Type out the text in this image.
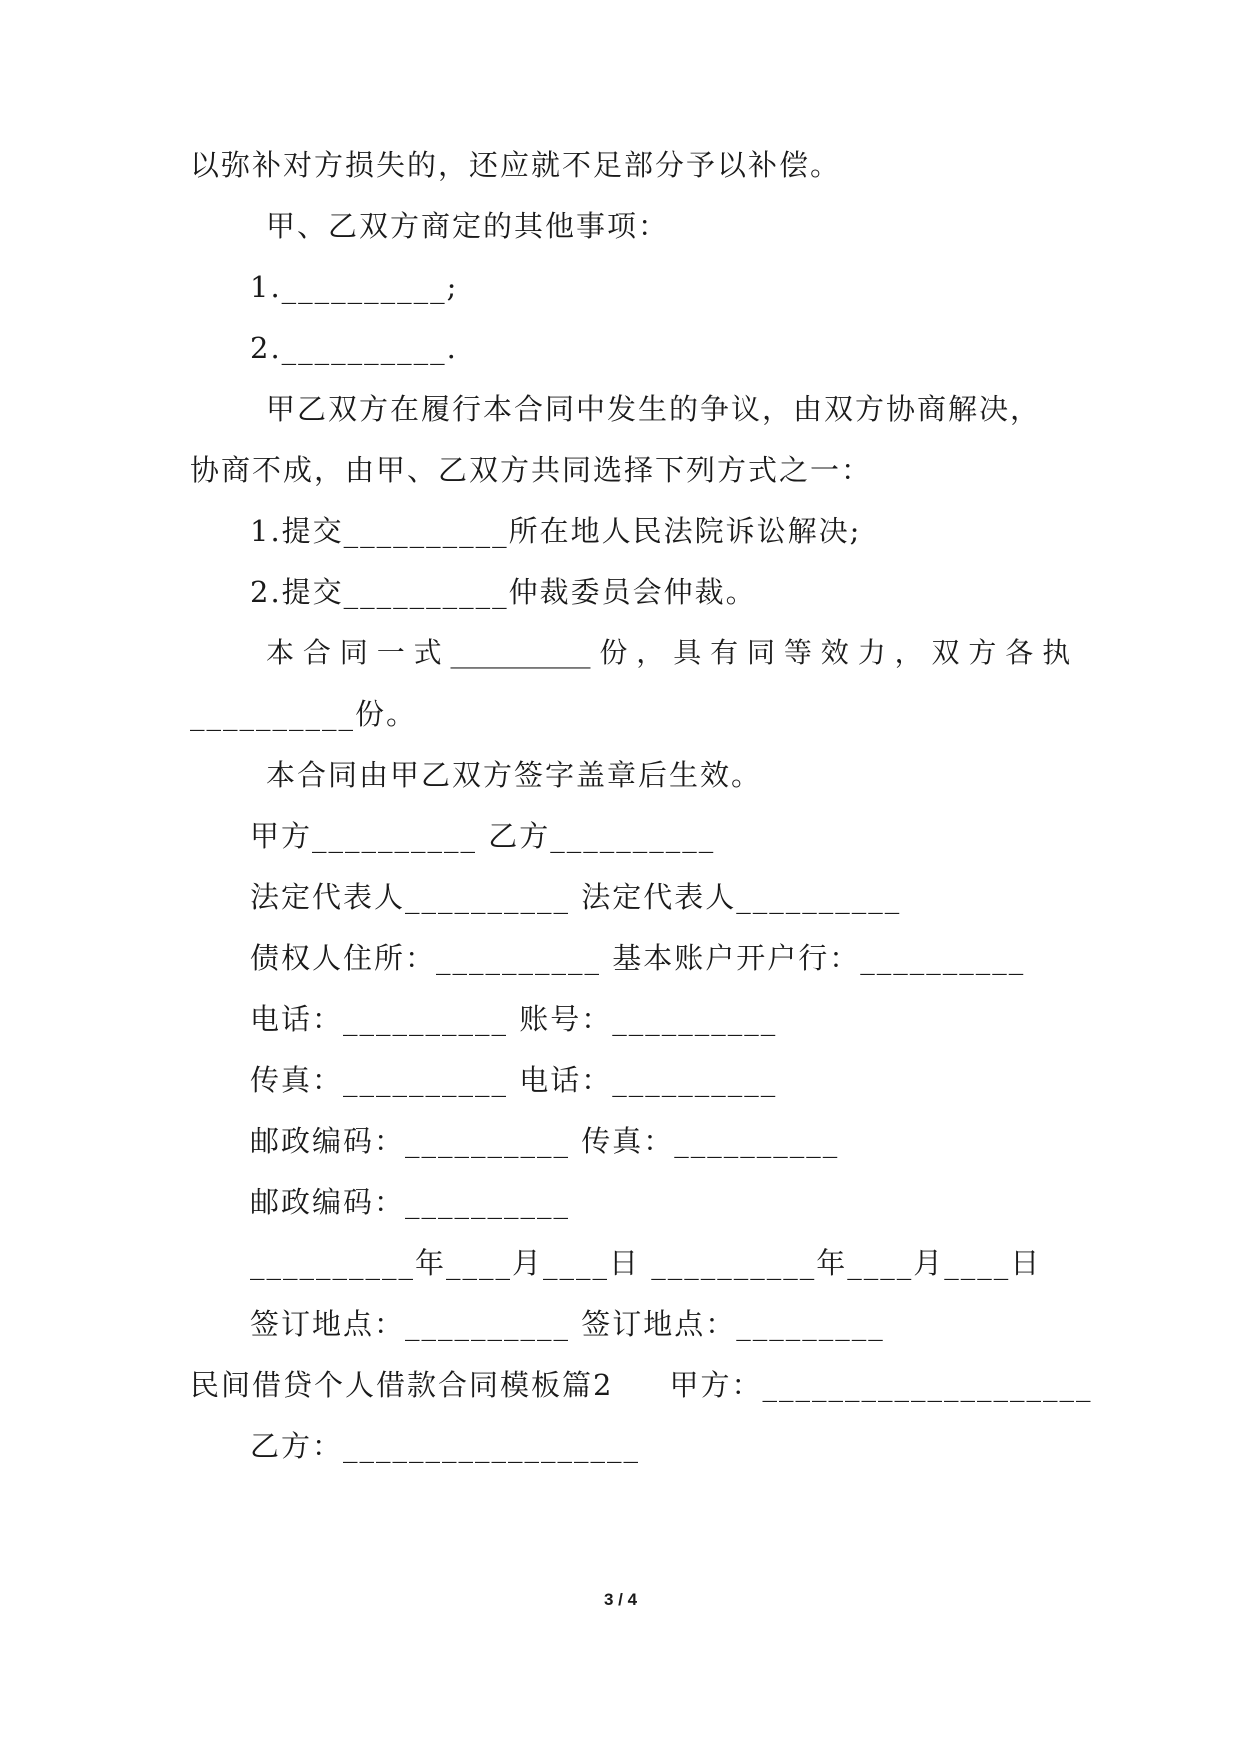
以弥补对方损失的，还应就不足部分予以补偿。
甲、乙双方商定的其他事项：
1.__________;
2.__________.
甲乙双方在履行本合同中发生的争议，由双方协商解决，
协商不成，由甲、乙双方共同选择下列方式之一：
1.提交__________所在地人民法院诉讼解决;
2.提交__________仲裁委员会仲裁。
本 合 同 一 式 __________ 份 ， 具 有 同 等 效 力 ， 双 方 各 执
__________份。
本合同由甲乙双方签字盖章后生效。
甲方__________ 乙方__________
法定代表人__________ 法定代表人__________
债权人住所：__________ 基本账户开户行：__________
电话：__________ 账号：__________
传真：__________ 电话：__________
邮政编码：__________ 传真：__________
邮政编码：__________
__________年____月____日 __________年____月____日
签订地点：__________ 签订地点：_________
民间借贷个人借款合同模板篇2     甲方：____________________
乙方：__________________
3 / 4
